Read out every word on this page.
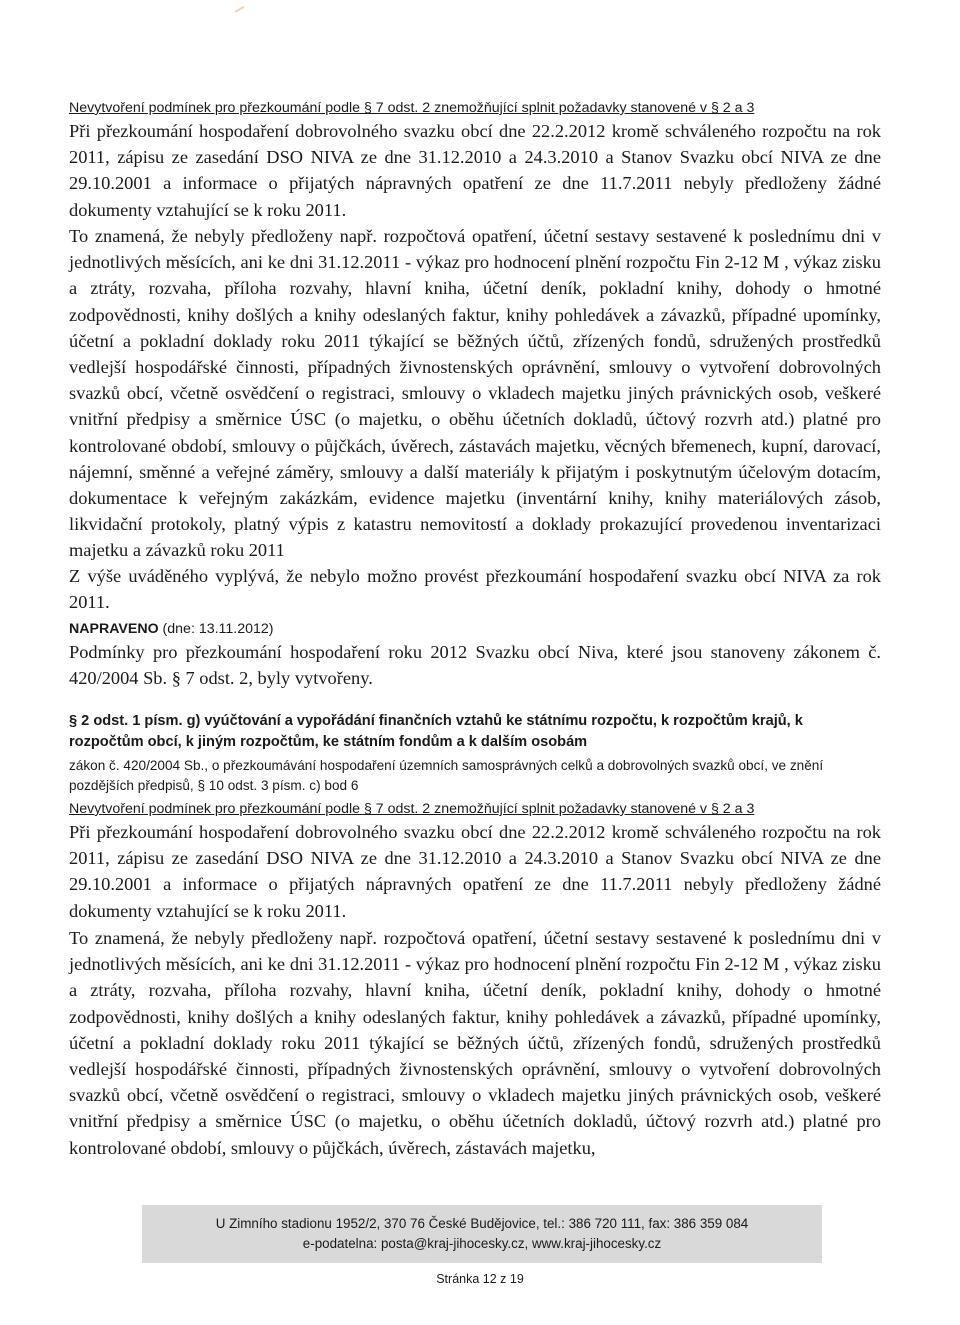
Nevytvoření podmínek pro přezkoumání podle § 7 odst. 2 znemožňující splnit požadavky stanovené v § 2 a 3
Při přezkoumání hospodaření dobrovolného svazku obcí dne 22.2.2012 kromě schváleného rozpočtu na rok 2011, zápisu ze zasedání DSO NIVA ze dne 31.12.2010 a 24.3.2010 a Stanov Svazku obcí NIVA ze dne 29.10.2001 a informace o přijatých nápravných opatření ze dne 11.7.2011 nebyly předloženy žádné dokumenty vztahující se k roku 2011.
To znamená, že nebyly předloženy např. rozpočtová opatření, účetní sestavy sestavené k poslednímu dni v jednotlivých měsících, ani ke dni 31.12.2011 - výkaz pro hodnocení plnění rozpočtu Fin 2-12 M , výkaz zisku a ztráty, rozvaha, příloha rozvahy, hlavní kniha, účetní deník, pokladní knihy, dohody o hmotné zodpovědnosti, knihy došlých a knihy odeslaných faktur, knihy pohledávek a závazků, případné upomínky, účetní a pokladní doklady roku 2011 týkající se běžných účtů, zřízených fondů, sdružených prostředků vedlejší hospodářské činnosti, případných živnostenských oprávnění, smlouvy o vytvoření dobrovolných svazků obcí, včetně osvědčení o registraci, smlouvy o vkladech majetku jiných právnických osob, veškeré vnitřní předpisy a směrnice ÚSC (o majetku, o oběhu účetních dokladů, účtový rozvrh atd.) platné pro kontrolované období, smlouvy o půjčkách, úvěrech, zástavách majetku, věcných břemenech, kupní, darovací, nájemní, směnné a veřejné záměry, smlouvy a další materiály k přijatým i poskytnutým účelovým dotacím, dokumentace k veřejným zakázkám, evidence majetku (inventární knihy, knihy materiálových zásob, likvidační protokoly, platný výpis z katastru nemovitostí a doklady prokazující provedenou inventarizaci majetku a závazků roku 2011
Z výše uváděného vyplývá, že nebylo možno provést přezkoumání hospodaření svazku obcí NIVA za rok 2011.
NAPRAVENO (dne: 13.11.2012)
Podmínky pro přezkoumání hospodaření roku 2012 Svazku obcí Niva, které jsou stanoveny zákonem č. 420/2004 Sb. § 7 odst. 2, byly vytvořeny.
§ 2 odst. 1 písm. g) vyúčtování a vypořádání finančních vztahů ke státnímu rozpočtu, k rozpočtům krajů, k rozpočtům obcí, k jiným rozpočtům, ke státním fondům a k dalším osobám
zákon č. 420/2004 Sb., o přezkoumávání hospodaření územních samosprávných celků a dobrovolných svazků obcí, ve znění pozdějších předpisů, § 10 odst. 3 písm. c) bod 6
Nevytvoření podmínek pro přezkoumání podle § 7 odst. 2 znemožňující splnit požadavky stanovené v § 2 a 3
Při přezkoumání hospodaření dobrovolného svazku obcí dne 22.2.2012 kromě schváleného rozpočtu na rok 2011, zápisu ze zasedání DSO NIVA ze dne 31.12.2010 a 24.3.2010 a Stanov Svazku obcí NIVA ze dne 29.10.2001 a informace o přijatých nápravných opatření ze dne 11.7.2011 nebyly předloženy žádné dokumenty vztahující se k roku 2011.
To znamená, že nebyly předloženy např. rozpočtová opatření, účetní sestavy sestavené k poslednímu dni v jednotlivých měsících, ani ke dni 31.12.2011 - výkaz pro hodnocení plnění rozpočtu Fin 2-12 M , výkaz zisku a ztráty, rozvaha, příloha rozvahy, hlavní kniha, účetní deník, pokladní knihy, dohody o hmotné zodpovědnosti, knihy došlých a knihy odeslaných faktur, knihy pohledávek a závazků, případné upomínky, účetní a pokladní doklady roku 2011 týkající se běžných účtů, zřízených fondů, sdružených prostředků vedlejší hospodářské činnosti, případných živnostenských oprávnění, smlouvy o vytvoření dobrovolných svazků obcí, včetně osvědčení o registraci, smlouvy o vkladech majetku jiných právnických osob, veškeré vnitřní předpisy a směrnice ÚSC (o majetku, o oběhu účetních dokladů, účtový rozvrh atd.) platné pro kontrolované období, smlouvy o půjčkách, úvěrech, zástavách majetku,
U Zimního stadionu 1952/2, 370 76 České Budějovice, tel.: 386 720 111, fax: 386 359 084
e-podatelna: posta@kraj-jihocesky.cz, www.kraj-jihocesky.cz
Stránka 12 z 19
